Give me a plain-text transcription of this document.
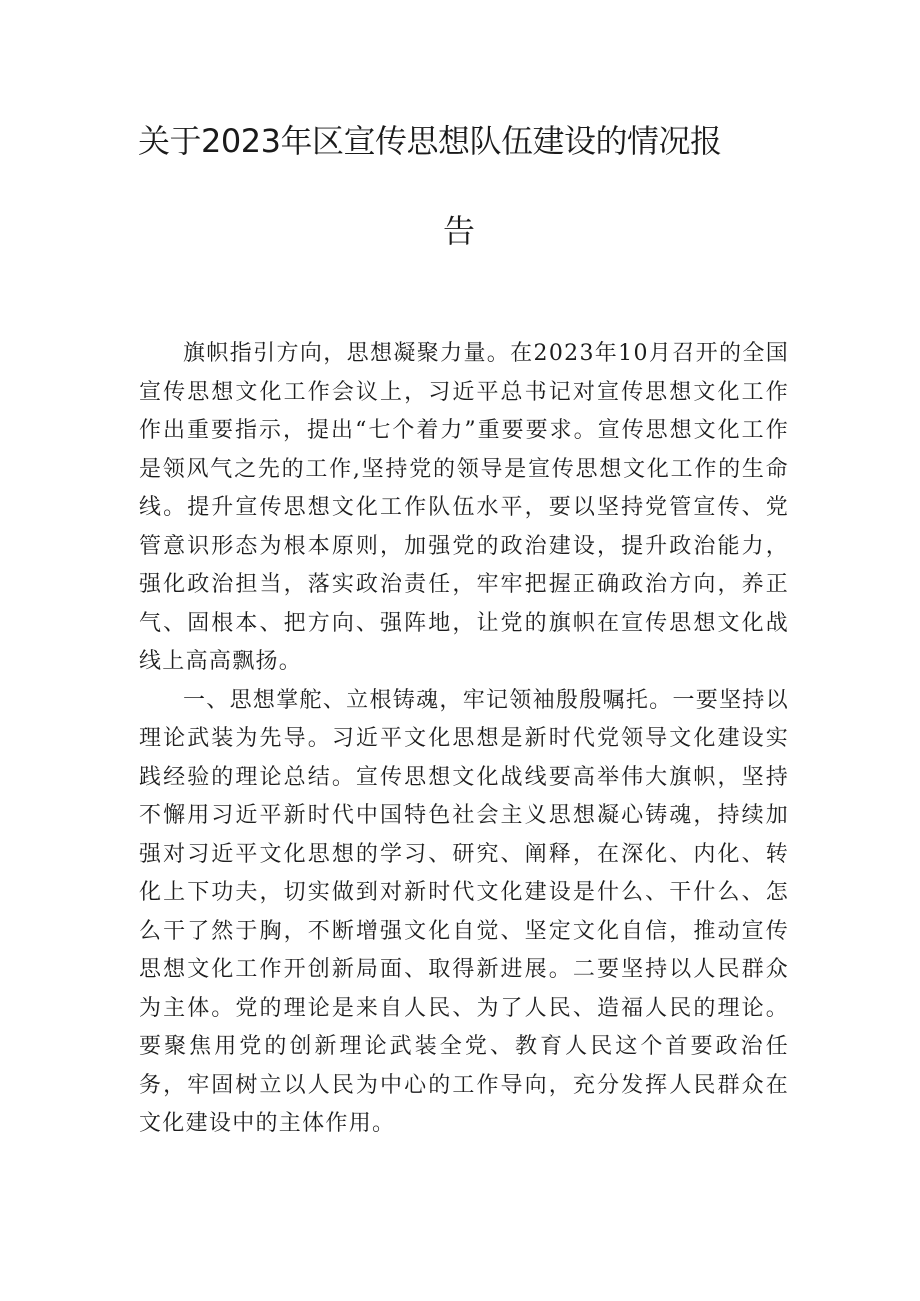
关于2023年区宣传思想队伍建设的情况报
告

旗帜指引方向，思想凝聚力量。在2023年10月召开的全国宣传思想文化工作会议上，习近平总书记对宣传思想文化工作作出重要指示，提出“七个着力”重要要求。宣传思想文化工作是领风气之先的工作,坚持党的领导是宣传思想文化工作的生命线。提升宣传思想文化工作队伍水平，要以坚持党管宣传、党管意识形态为根本原则，加强党的政治建设，提升政治能力，强化政治担当，落实政治责任，牢牢把握正确政治方向，养正气、固根本、把方向、强阵地，让党的旗帜在宣传思想文化战线上高高飘扬。

一、思想掌舵、立根铸魂，牢记领袖殷殷嘱托。一要坚持以理论武装为先导。习近平文化思想是新时代党领导文化建设实践经验的理论总结。宣传思想文化战线要高举伟大旗帜，坚持不懈用习近平新时代中国特色社会主义思想凝心铸魂，持续加强对习近平文化思想的学习、研究、阐释，在深化、内化、转化上下功夫，切实做到对新时代文化建设是什么、干什么、怎么干了然于胸，不断增强文化自觉、坚定文化自信，推动宣传思想文化工作开创新局面、取得新进展。二要坚持以人民群众为主体。党的理论是来自人民、为了人民、造福人民的理论。要聚焦用党的创新理论武装全党、教育人民这个首要政治任务，牢固树立以人民为中心的工作导向，充分发挥人民群众在文化建设中的主体作用。
